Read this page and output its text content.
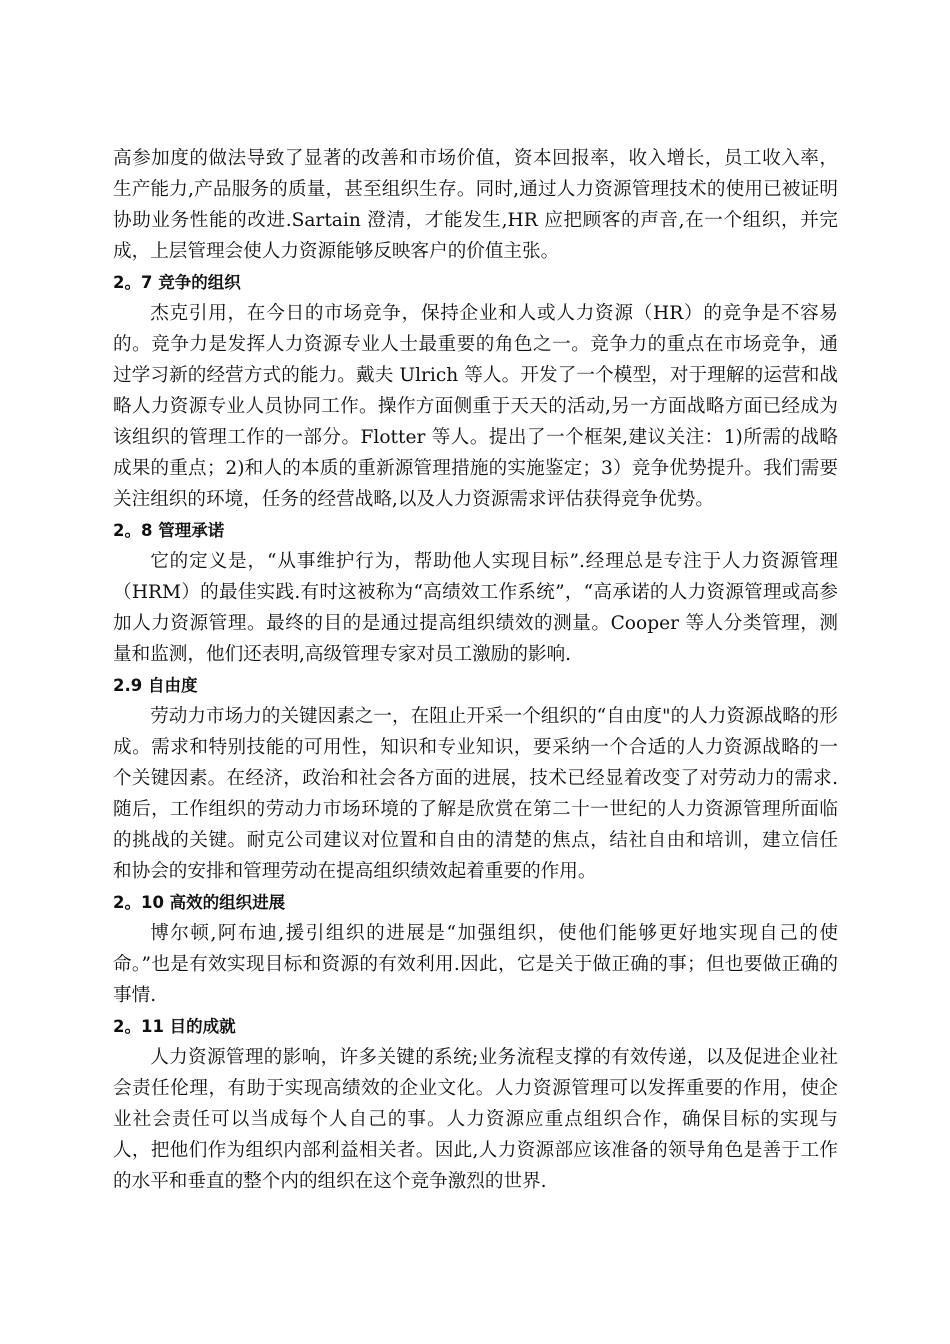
高参加度的做法导致了显著的改善和市场价值，资本回报率，收入增长，员工收入率，生产能力,产品服务的质量，甚至组织生存。同时,通过人力资源管理技术的使用已被证明协助业务性能的改进.Sartain 澄清，才能发生,HR 应把顾客的声音,在一个组织，并完成，上层管理会使人力资源能够反映客户的价值主张。

2。7 竞争的组织

杰克引用，在今日的市场竞争，保持企业和人或人力资源（HR）的竞争是不容易的。竞争力是发挥人力资源专业人士最重要的角色之一。竞争力的重点在市场竞争，通过学习新的经营方式的能力。戴夫 Ulrich 等人。开发了一个模型，对于理解的运营和战略人力资源专业人员协同工作。操作方面侧重于天天的活动,另一方面战略方面已经成为该组织的管理工作的一部分。Flotter 等人。提出了一个框架,建议关注：1)所需的战略成果的重点；2)和人的本质的重新源管理措施的实施鉴定；3）竞争优势提升。我们需要关注组织的环境，任务的经营战略,以及人力资源需求评估获得竞争优势。

2。8 管理承诺

它的定义是，“从事维护行为，帮助他人实现目标”.经理总是专注于人力资源管理（HRM）的最佳实践.有时这被称为“高绩效工作系统”，“高承诺的人力资源管理或高参加人力资源管理。最终的目的是通过提高组织绩效的测量。Cooper 等人分类管理，测量和监测，他们还表明,高级管理专家对员工激励的影响.

2.9 自由度

劳动力市场力的关键因素之一，在阻止开采一个组织的“自由度"的人力资源战略的形成。需求和特别技能的可用性，知识和专业知识，要采纳一个合适的人力资源战略的一个关键因素。在经济，政治和社会各方面的进展，技术已经显着改变了对劳动力的需求.随后，工作组织的劳动力市场环境的了解是欣赏在第二十一世纪的人力资源管理所面临的挑战的关键。耐克公司建议对位置和自由的清楚的焦点，结社自由和培训，建立信任和协会的安排和管理劳动在提高组织绩效起着重要的作用。

2。10 高效的组织进展

博尔顿,阿布迪,援引组织的进展是“加强组织，使他们能够更好地实现自己的使命。”也是有效实现目标和资源的有效利用.因此，它是关于做正确的事；但也要做正确的事情.

2。11 目的成就

人力资源管理的影响，许多关键的系统;业务流程支撑的有效传递，以及促进企业社会责任伦理，有助于实现高绩效的企业文化。人力资源管理可以发挥重要的作用，使企业社会责任可以当成每个人自己的事。人力资源应重点组织合作，确保目标的实现与人，把他们作为组织内部利益相关者。因此,人力资源部应该准备的领导角色是善于工作的水平和垂直的整个内的组织在这个竞争激烈的世界.
